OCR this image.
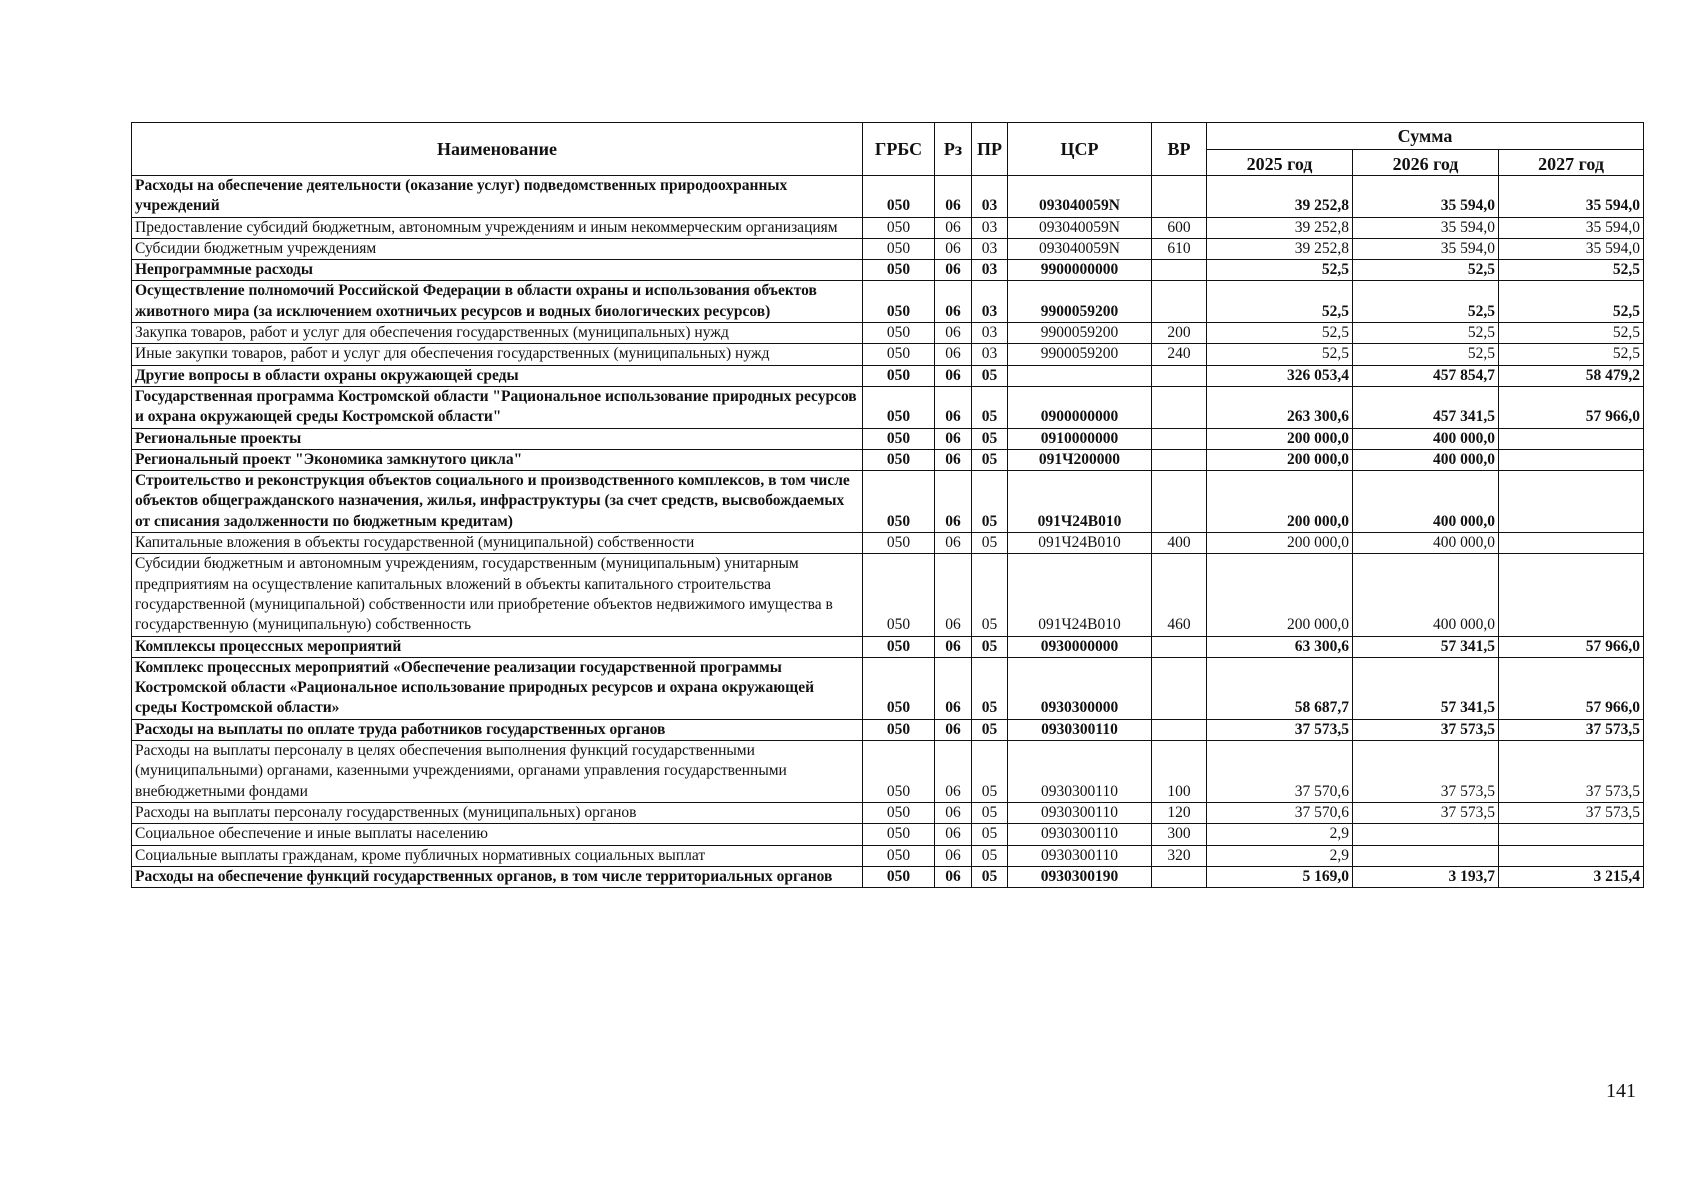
Наименование	ГРБС	Рз	ПР	ЦСР	ВР	Сумма		
						2025 год	2026 год	2027 год
Расходы на обеспечение деятельности (оказание услуг) подведомственных природоохранных учреждений	050	06	03	093040059N		39 252,8	35 594,0	35 594,0
Предоставление субсидий бюджетным, автономным учреждениям и иным некоммерческим организациям	050	06	03	093040059N	600	39 252,8	35 594,0	35 594,0
Субсидии бюджетным учреждениям	050	06	03	093040059N	610	39 252,8	35 594,0	35 594,0
Непрограммные расходы	050	06	03	9900000000		52,5	52,5	52,5
Осуществление полномочий Российской Федерации в области охраны и использования объектов животного мира (за исключением охотничьих ресурсов и водных биологических ресурсов)	050	06	03	9900059200		52,5	52,5	52,5
Закупка товаров, работ и услуг для обеспечения государственных (муниципальных) нужд	050	06	03	9900059200	200	52,5	52,5	52,5
Иные закупки товаров, работ и услуг для обеспечения государственных (муниципальных) нужд	050	06	03	9900059200	240	52,5	52,5	52,5
Другие вопросы в области охраны окружающей среды	050	06	05			326 053,4	457 854,7	58 479,2
Государственная программа Костромской области "Рациональное использование природных ресурсов и охрана окружающей среды Костромской области"	050	06	05	0900000000		263 300,6	457 341,5	57 966,0
Региональные проекты	050	06	05	0910000000		200 000,0	400 000,0	
Региональный проект "Экономика замкнутого цикла"	050	06	05	091Ч200000		200 000,0	400 000,0	
Строительство и реконструкция объектов социального и производственного комплексов, в том числе объектов общегражданского назначения, жилья, инфраструктуры (за счет средств, высвобождаемых от списания задолженности по бюджетным кредитам)	050	06	05	091Ч24В010		200 000,0	400 000,0	
Капитальные вложения в объекты государственной (муниципальной) собственности	050	06	05	091Ч24В010	400	200 000,0	400 000,0	
Субсидии бюджетным и автономным учреждениям, государственным (муниципальным) унитарным предприятиям на осуществление капитальных вложений в объекты капитального строительства государственной (муниципальной) собственности или приобретение объектов недвижимого имущества в государственную (муниципальную) собственность	050	06	05	091Ч24В010	460	200 000,0	400 000,0	
Комплексы процессных мероприятий	050	06	05	0930000000		63 300,6	57 341,5	57 966,0
Комплекс процессных мероприятий «Обеспечение реализации государственной программы Костромской области «Рациональное использование природных ресурсов и охрана окружающей среды Костромской области»	050	06	05	0930300000		58 687,7	57 341,5	57 966,0
Расходы на выплаты по оплате труда работников государственных органов	050	06	05	0930300110		37 573,5	37 573,5	37 573,5
Расходы на выплаты персоналу в целях обеспечения выполнения функций государственными (муниципальными) органами, казенными учреждениями, органами управления государственными внебюджетными фондами	050	06	05	0930300110	100	37 570,6	37 573,5	37 573,5
Расходы на выплаты персоналу государственных (муниципальных) органов	050	06	05	0930300110	120	37 570,6	37 573,5	37 573,5
Социальное обеспечение и иные выплаты населению	050	06	05	0930300110	300	2,9		
Социальные выплаты гражданам, кроме публичных нормативных социальных выплат	050	06	05	0930300110	320	2,9		
Расходы на обеспечение функций государственных органов, в том числе территориальных органов	050	06	05	0930300190		5 169,0	3 193,7	3 215,4
141
